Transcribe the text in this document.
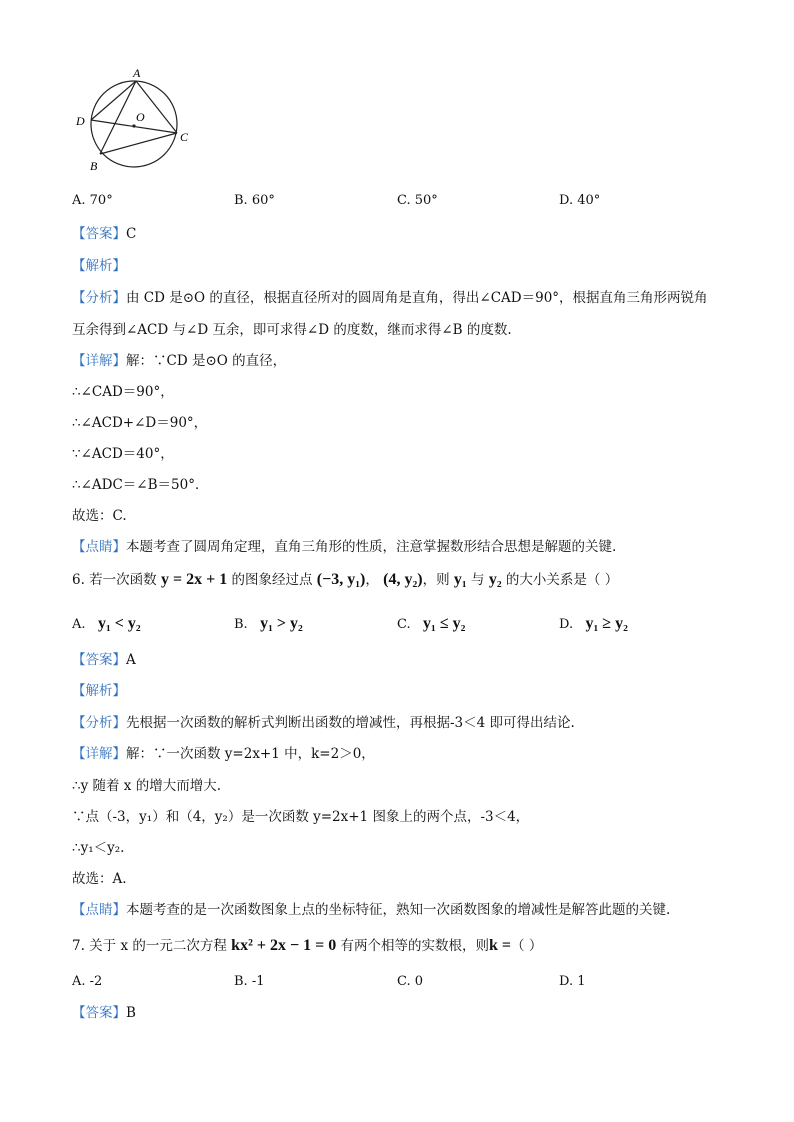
A
D	O
C
B
A. 70°	B. 60°	C. 50°	D. 40°
【答案】C
【解析】
【分析】由 CD 是⊙O 的直径，根据直径所对的圆周角是直角，得出∠CAD＝90°，根据直角三角形两锐角
互余得到∠ACD 与∠D 互余，即可求得∠D 的度数，继而求得∠B 的度数.
【详解】解：∵CD 是⊙O 的直径，
∴∠CAD＝90°，
∴∠ACD+∠D＝90°，
∵∠ACD＝40°，
∴∠ADC＝∠B＝50°．
故选：C.
【点睛】本题考查了圆周角定理，直角三角形的性质，注意掌握数形结合思想是解题的关键.
6. 若一次函数 y = 2x + 1 的图象经过点 (−3, y₁)， (4, y₂)，则 y₁ 与 y₂ 的大小关系是（ ）
A. y₁ < y₂	B. y₁ > y₂	C. y₁ ≤ y₂	D. y₁ ≥ y₂
【答案】A
【解析】
【分析】先根据一次函数的解析式判断出函数的增减性，再根据-3＜4 即可得出结论.
【详解】解：∵一次函数 y=2x+1 中，k=2＞0，
∴y 随着 x 的增大而增大.
∵点（-3，y₁）和（4，y₂）是一次函数 y=2x+1 图象上的两个点，-3＜4，
∴y₁＜y₂.
故选：A.
【点睛】本题考查的是一次函数图象上点的坐标特征，熟知一次函数图象的增减性是解答此题的关键.
7. 关于 x 的一元二次方程 kx² + 2x − 1 = 0 有两个相等的实数根，则k =（ ）
A. -2	B. -1	C. 0	D. 1
【答案】B
